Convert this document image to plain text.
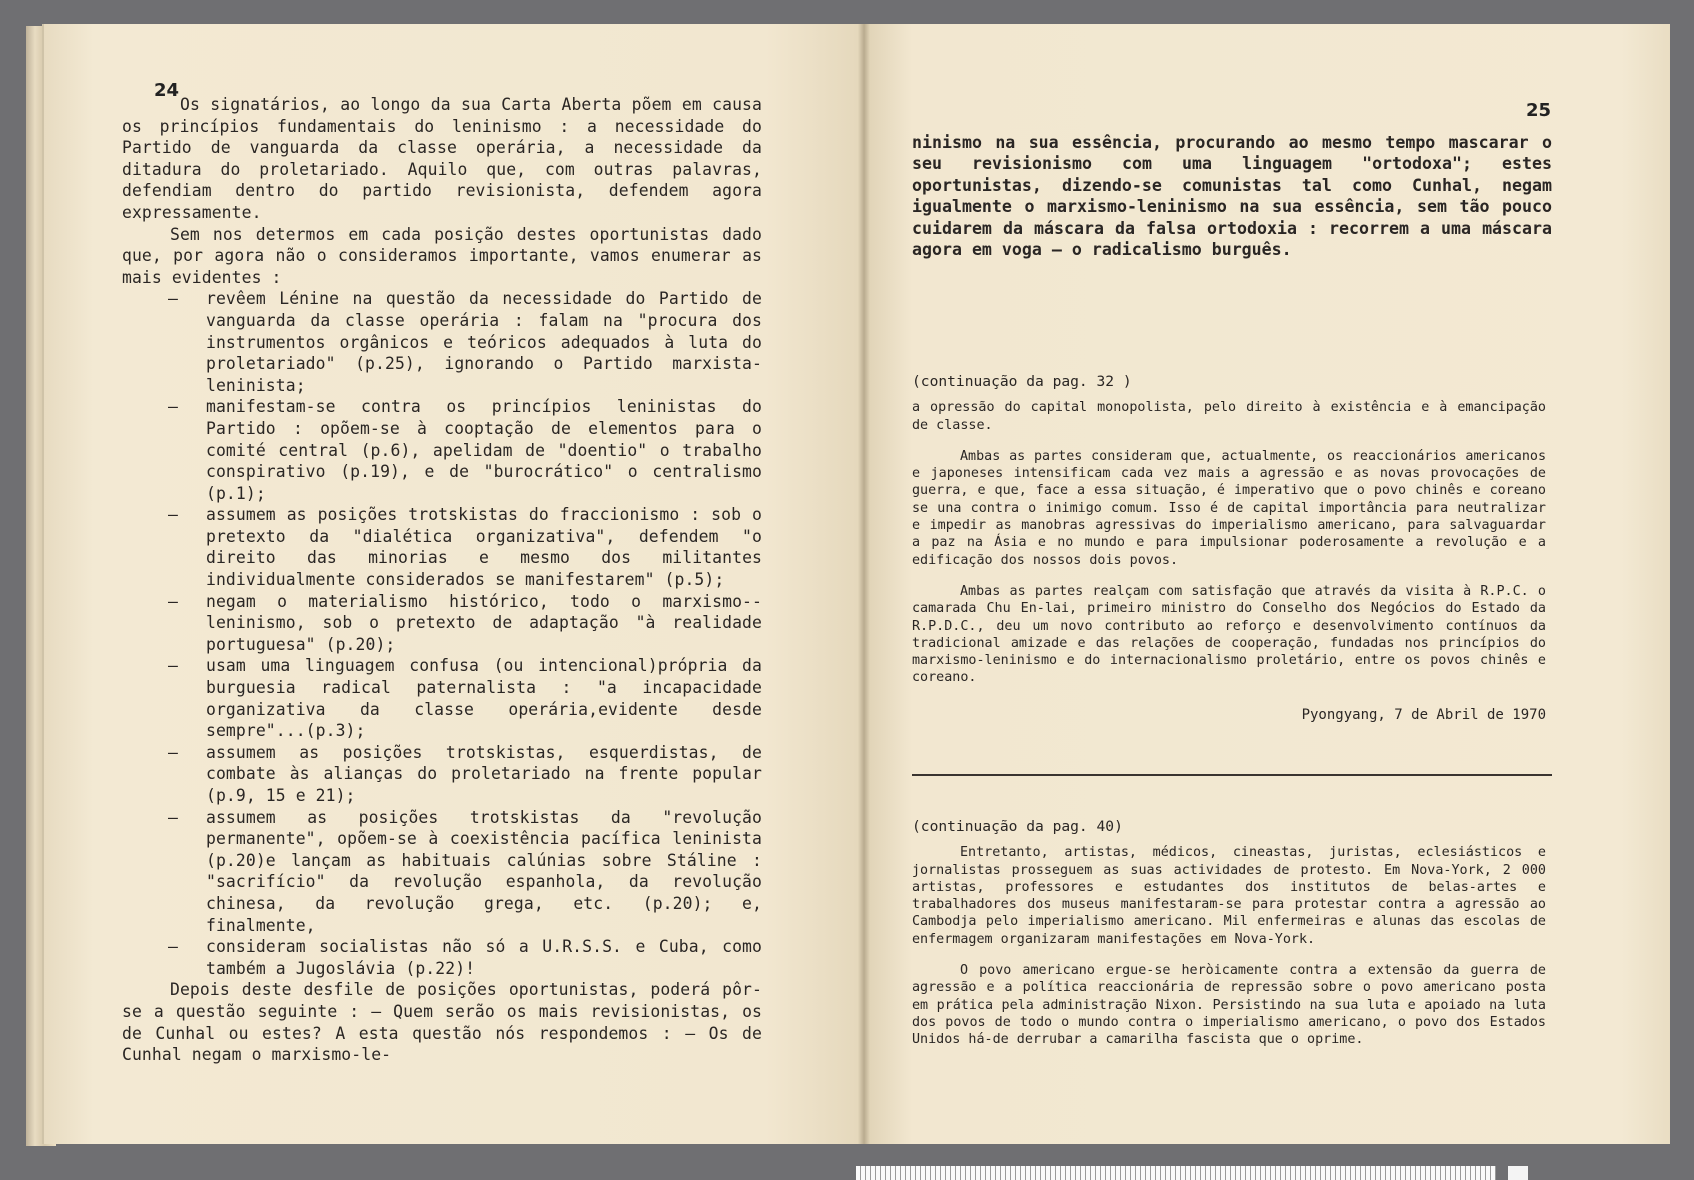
24

Os signatários, ao longo da sua Carta Aberta põem em causa os princípios fundamentais do leninismo : a necessidade do Partido de vanguarda da classe operária, a necessidade da ditadura do proletariado. Aquilo que, com outras palavras, defendiam dentro do partido revisionista, defendem agora expressamente.

Sem nos determos em cada posição destes oportunistas dado que, por agora não o consideramos importante, vamos enumerar as mais evidentes :

— revêem Lénine na questão da necessidade do Partido de vanguarda da classe operária : falam na "procura dos instrumentos orgânicos e teóricos adequados à luta do proletariado" (p.25), ignorando o Partido marxista-leninista;
— manifestam-se contra os princípios leninistas do Partido : opõem-se à cooptação de elementos para o comité central (p.6), apelidam de "doentio" o trabalho conspirativo (p.19), e de "burocrático" o centralismo (p.1);
— assumem as posições trotskistas do fraccionismo : sob o pretexto da "dialética organizativa", defendem "o direito das minorias e mesmo dos militantes individualmente considerados se manifestarem" (p.5);
— negam o materialismo histórico, todo o marxismo--leninismo, sob o pretexto de adaptação "à realidade portuguesa" (p.20);
— usam uma linguagem confusa (ou intencional)própria da burguesia radical paternalista : "a incapacidade organizativa da classe operária,evidente desde sempre"...(p.3);
— assumem as posições trotskistas, esquerdistas, de combate às alianças do proletariado na frente popular (p.9, 15 e 21);
— assumem as posições trotskistas da "revolução permanente", opõem-se à coexistência pacífica leninista (p.20)e lançam as habituais calúnias sobre Stáline : "sacrifício" da revolução espanhola, da revolução chinesa, da revolução grega, etc. (p.20); e, finalmente,
— consideram socialistas não só a U.R.S.S. e Cuba, como também a Jugoslávia (p.22)!

Depois deste desfile de posições oportunistas, poderá pôr-se a questão seguinte : — Quem serão os mais revisionistas, os de Cunhal ou estes? A esta questão nós respondemos : — Os de Cunhal negam o marxismo-le-

25

ninismo na sua essência, procurando ao mesmo tempo mascarar o seu revisionismo com uma linguagem "ortodoxa"; estes oportunistas, dizendo-se comunistas tal como Cunhal, negam igualmente o marxismo-leninismo na sua essência, sem tão pouco cuidarem da máscara da falsa ortodoxia : recorrem a uma máscara agora em voga — o radicalismo burguês.

(continuação da pag. 32 )

a opressão do capital monopolista, pelo direito à existência e à emancipação de classe.

Ambas as partes consideram que, actualmente, os reaccionários americanos e japoneses intensificam cada vez mais a agressão e as novas provocações de guerra, e que, face a essa situação, é imperativo que o povo chinês e coreano se una contra o inimigo comum. Isso é de capital importância para neutralizar e impedir as manobras agressivas do imperialismo americano, para salvaguardar a paz na Ásia e no mundo e para impulsionar poderosamente a revolução e a edificação dos nossos dois povos.

Ambas as partes realçam com satisfação que através da visita à R.P.C. o camarada Chu En-lai, primeiro ministro do Conselho dos Negócios do Estado da R.P.D.C., deu um novo contributo ao reforço e desenvolvimento contínuos da tradicional amizade e das relações de cooperação, fundadas nos princípios do marxismo-leninismo e do internacionalismo proletário, entre os povos chinês e coreano.

Pyongyang, 7 de Abril de 1970
(continuação da pag. 40)

Entretanto, artistas, médicos, cineastas, juristas, eclesiásticos e jornalistas prosseguem as suas actividades de protesto. Em Nova-York, 2 000 artistas, professores e estudantes dos institutos de belas-artes e trabalhadores dos museus manifestaram-se para protestar contra a agressão ao Cambodja pelo imperialismo americano. Mil enfermeiras e alunas das escolas de enfermagem organizaram manifestações em Nova-York.

O povo americano ergue-se heròicamente contra a extensão da guerra de agressão e a política reaccionária de repressão sobre o povo americano posta em prática pela administração Nixon. Persistindo na sua luta e apoiado na luta dos povos de todo o mundo contra o imperialismo americano, o povo dos Estados Unidos há-de derrubar a camarilha fascista que o oprime.
